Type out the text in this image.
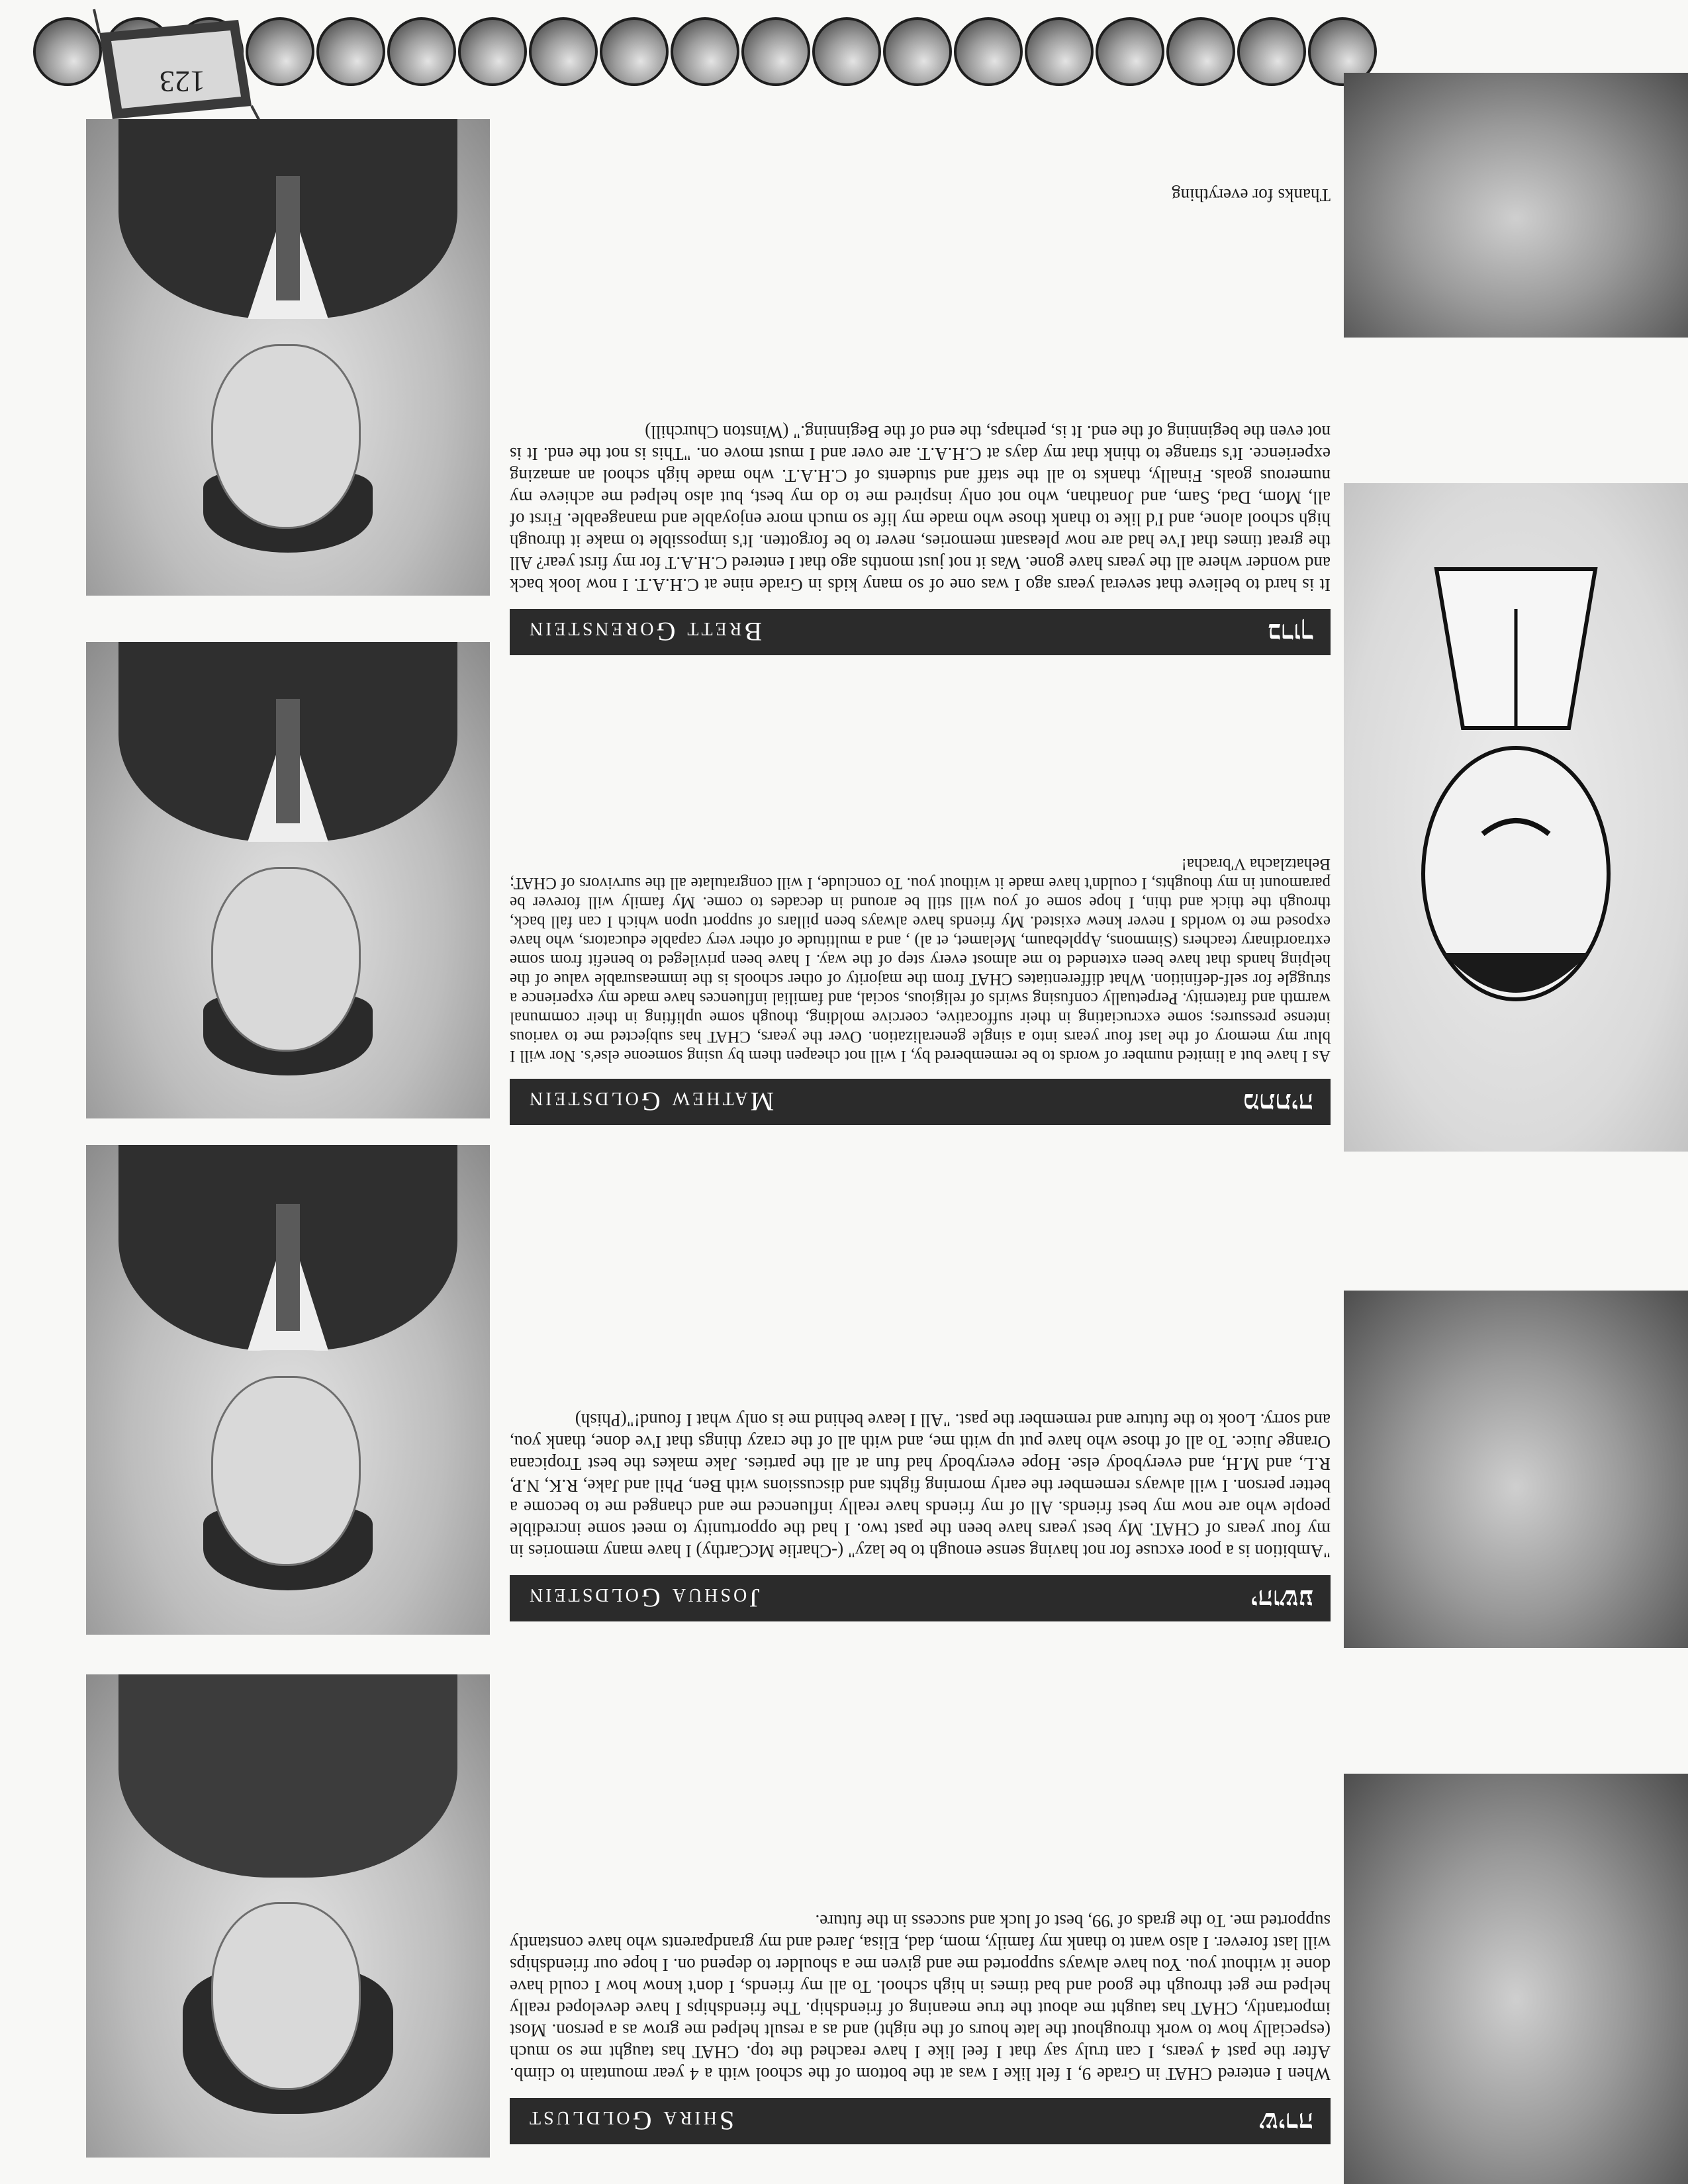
123
Brett Gorenstein	ברוך
It is hard to believe that several years ago I was one of so many kids in Grade nine at C.H.A.T. I now look back and wonder where all the years have gone. Was it not just months ago that I entered C.H.A.T for my first year? All the great times that I've had are now pleasant memories, never to be forgotten. It's impossible to make it through high school alone, and I'd like to thank those who made my life so much more enjoyable and manageable. First of all, Mom, Dad, Sam, and Jonathan, who not only inspired me to do my best, but also helped me achieve my numerous goals. Finally, thanks to all the staff and students of C.H.A.T. who made high school an amazing experience. It's strange to think that my days at C.H.A.T. are over and I must move on. "This is not the end. It is not even the beginning of the end. It is, perhaps, the end of the Beginning." (Winston Churchill)
Thanks for everything
Mathew Goldstein	מתתיה
As I have but a limited number of words to be remembered by, I will not cheapen them by using someone else's. Nor will I blur my memory of the last four years into a single generalization. Over the years, CHAT has subjected me to various intense pressures; some excruciating in their suffocative, coercive molding, though some uplifting in their communal warmth and fraternity. Perpetually confusing swirls of religious, social, and familial influences have made my experience a struggle for self-definition. What differentiates CHAT from the majority of other schools is the immeasurable value of the helping hands that have been extended to me almost every step of the way. I have been privileged to benefit from some extraordinary teachers (Simmons, Applebaum, Melamet, et al) , and a multitude of other very capable educators, who have exposed me to worlds I never knew existed. My friends have always been pillars of support upon which I can fall back, through the thick and thin, I hope some of you will still be around in decades to come. My family will forever be paramount in my thoughts, I couldn't have made it without you. To conclude, I will congratulate all the survivors of CHAT; Behatzlacha V'bracha!
Joshua Goldstein	יהושע
"Ambition is a poor excuse for not having sense enough to be lazy" (-Charlie McCarthy) I have many memories in my four years of CHAT. My best years have been the past two. I had the opportunity to meet some incredible people who are now my best friends. All of my friends have really influenced me and changed me to become a better person. I will always remember the early morning fights and discussions with Ben, Phil and Jake, R.K, N.P, R.L, and M.H, and everybody else. Hope everybody had fun at all the parties. Jake makes the best Tropicana Orange Juice. To all of those who have put up with me, and with all of the crazy things that I've done, thank you, and sorry. Look to the future and remember the past. "All I leave behind me is only what I found!"(Phish)
Shira Goldlust	שירה
When I entered CHAT in Grade 9, I felt like I was at the bottom of the school with a 4 year mountain to climb. After the past 4 years, I can truly say that I feel like I have reached the top. CHAT has taught me so much (especially how to work throughout the late hours of the night) and as a result helped me grow as a person. Most importantly, CHAT has taught me about the true meaning of friendship. The friendships I have developed really helped me get through the good and bad times in high school. To all my friends, I don't know how I could have done it without you. You have always supported me and given me a shoulder to depend on. I hope our friendships will last forever. I also want to thank my family, mom, dad, Elisa, Jared and my grandparents who have constantly supported me. To the grads of '99, best of luck and success in the future.
